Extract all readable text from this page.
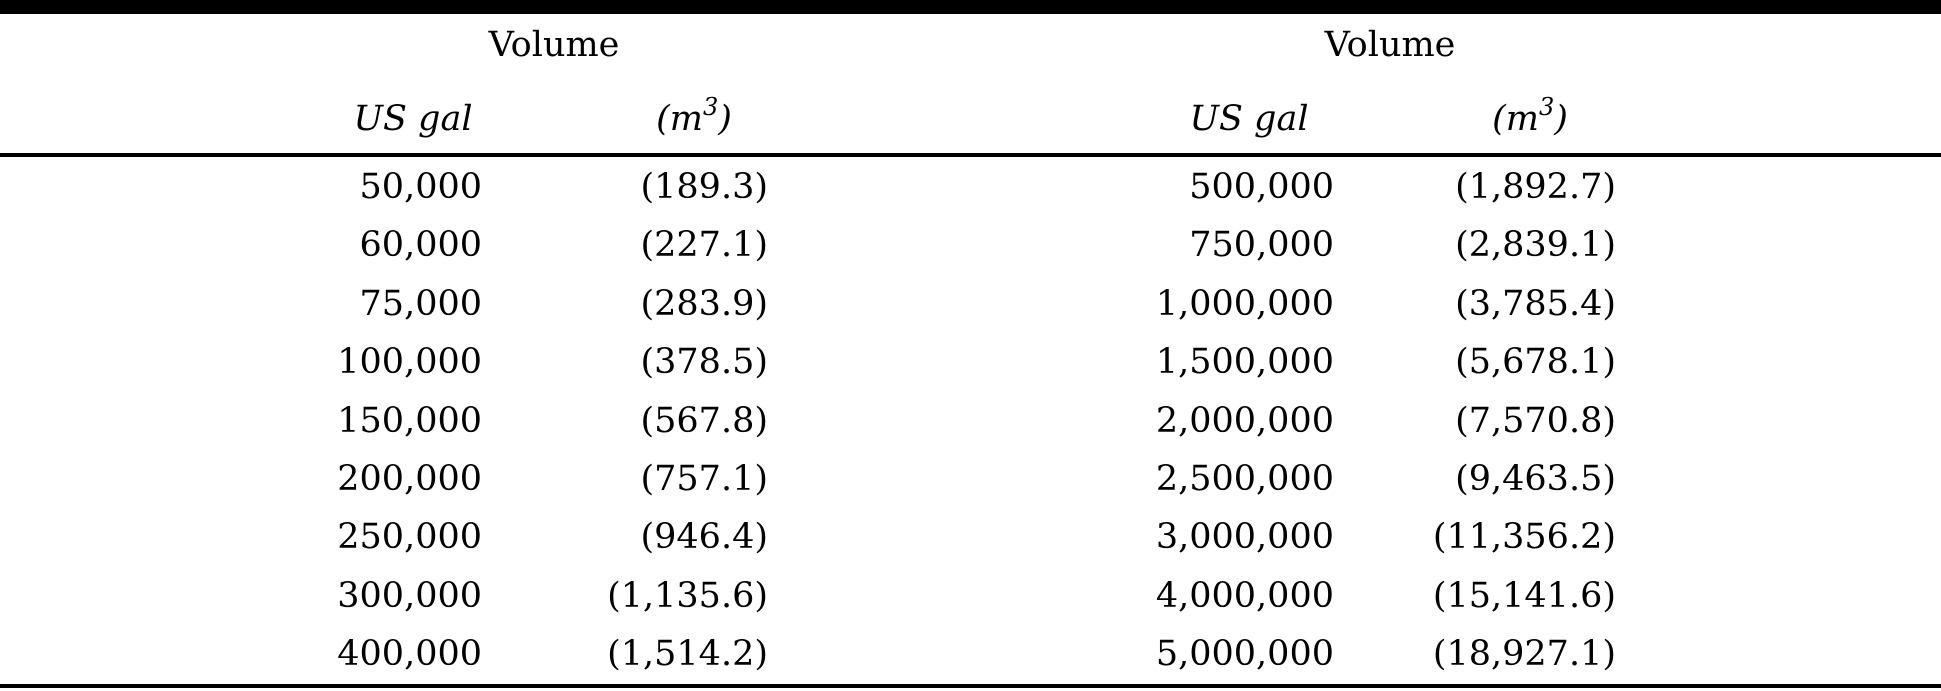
Volume	Volume
US gal	$(m^3)$	US gal	$(m^3)$
50,000	(189.3)	500,000	(1,892.7)
60,000	(227.1)	750,000	(2,839.1)
75,000	(283.9)	1,000,000	(3,785.4)
100,000	(378.5)	1,500,000	(5,678.1)
150,000	(567.8)	2,000,000	(7,570.8)
200,000	(757.1)	2,500,000	(9,463.5)
250,000	(946.4)	3,000,000	(11,356.2)
300,000	(1,135.6)	4,000,000	(15,141.6)
400,000	(1,514.2)	5,000,000	(18,927.1)
